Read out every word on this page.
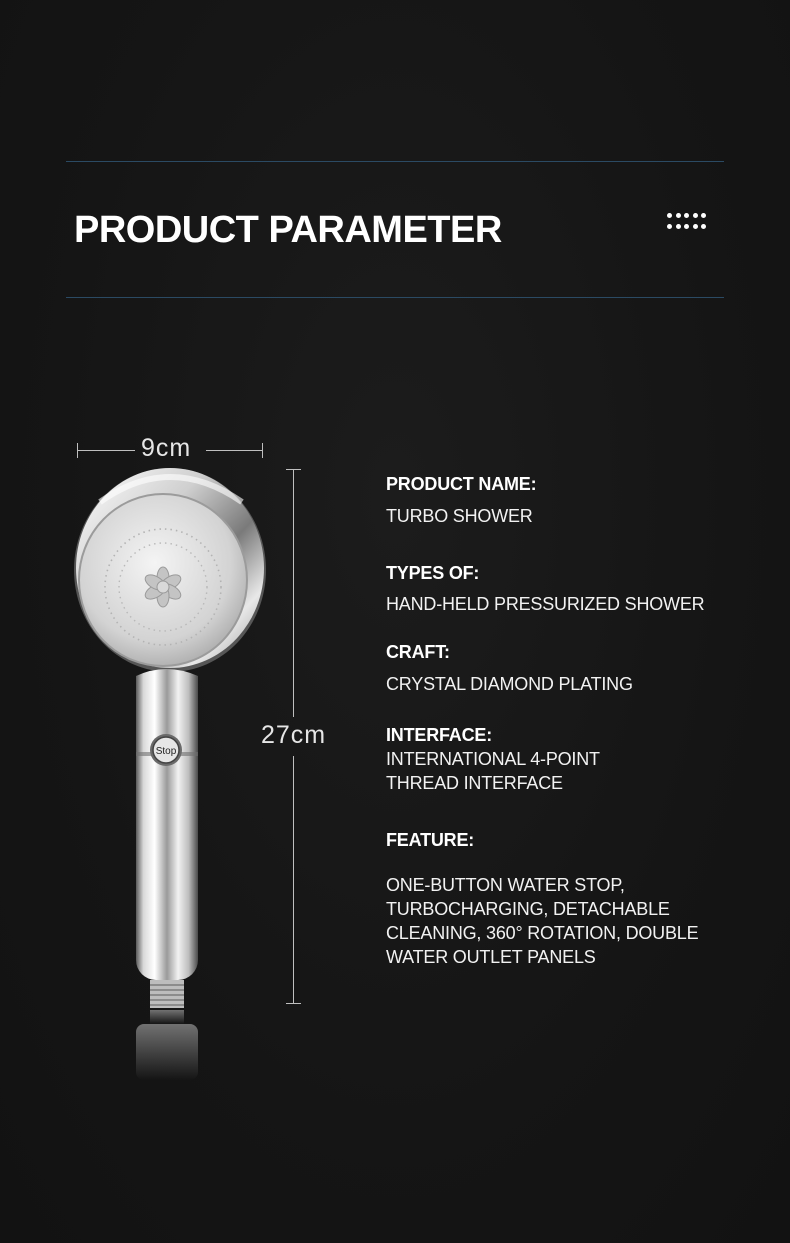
PRODUCT PARAMETER
9cm
27cm
Stop
PRODUCT NAME:
TURBO SHOWER
TYPES OF:
HAND-HELD PRESSURIZED SHOWER
CRAFT:
CRYSTAL DIAMOND PLATING
INTERFACE:
INTERNATIONAL 4-POINT
THREAD INTERFACE
FEATURE:
ONE-BUTTON WATER STOP,
TURBOCHARGING, DETACHABLE
CLEANING, 360° ROTATION, DOUBLE
WATER OUTLET PANELS
